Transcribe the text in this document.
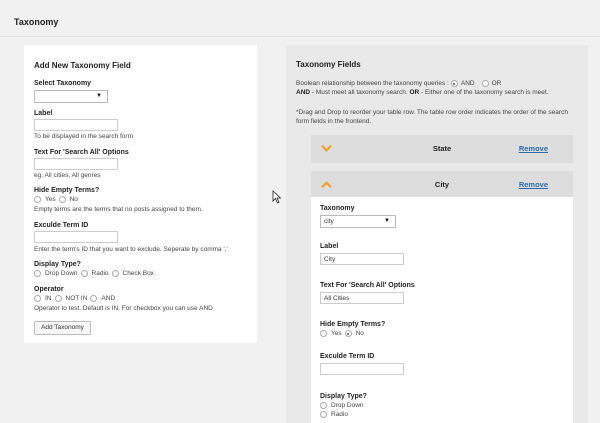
Taxonomy
Add New Taxonomy Field
Select Taxonomy
▼
Label
To be displayed in the search form
Text For 'Search All' Options
eg. All cities, All genres
Hide Empty Terms?
Yes No
Empty terms are the terms that no posts assigned to them.
Exculde Term ID
Enter the term's ID that you want to exclude. Seperate by comma ','
Display Type?
Drop Down Radio Check Box
Operator
IN NOT IN AND
Operator to test. Default is IN. For checkbox you can use AND
Add Taxonomy
Taxonomy Fields
Boolean relationship between the taxonomy queries : AND	OR
AND - Must meet all taxonomy search. OR - Either one of the taxonomy search is meet.
*Drag and Drop to reorder your table row. The table row order indicates the order of the search
form fields in the frontend.
State	Remove
City	Remove
Taxonomy
city	▼
Label
City
Text For 'Search All' Options
All Cities
Hide Empty Terms?
Yes No
Exculde Term ID
Display Type?
Drop Down
Radio
